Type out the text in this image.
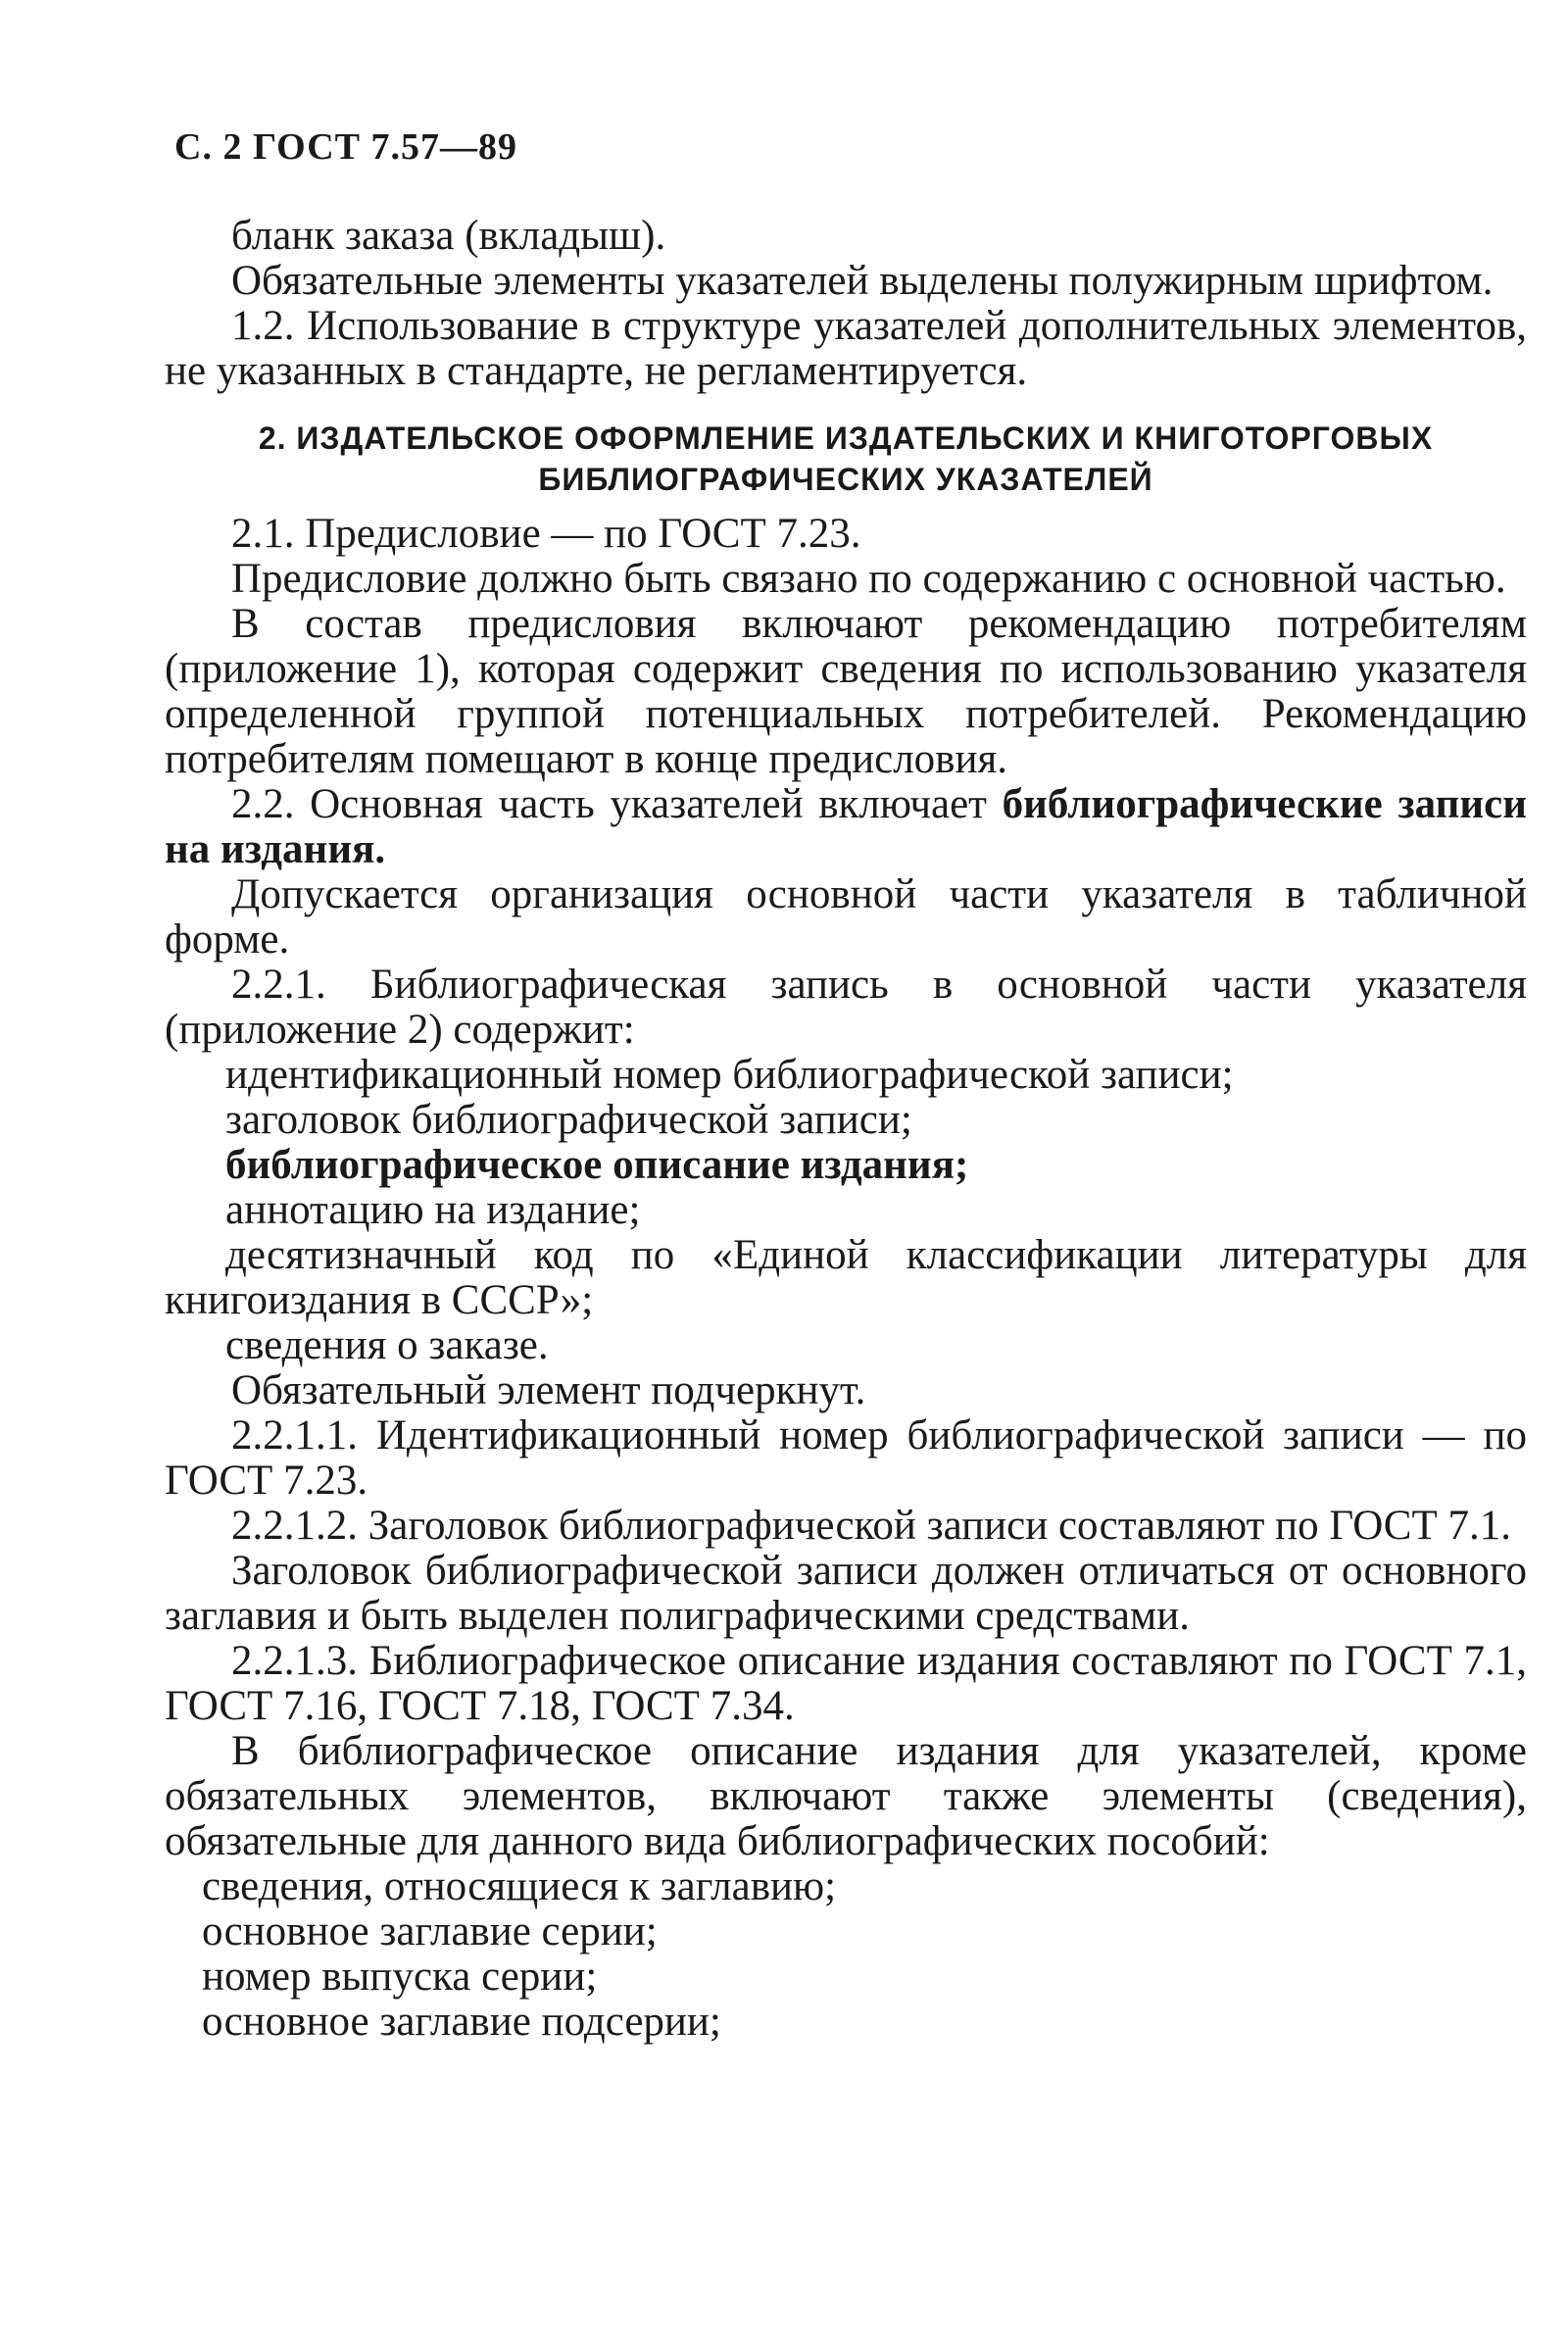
С. 2 ГОСТ 7.57—89

бланк заказа (вкладыш).

Обязательные элементы указателей выделены полужирным шрифтом.

1.2. Использование в структуре указателей дополнительных элементов, не указанных в стандарте, не регламентируется.

2. ИЗДАТЕЛЬСКОЕ ОФОРМЛЕНИЕ ИЗДАТЕЛЬСКИХ И КНИГОТОРГОВЫХ
БИБЛИОГРАФИЧЕСКИХ УКАЗАТЕЛЕЙ

2.1. Предисловие — по ГОСТ 7.23.

Предисловие должно быть связано по содержанию с основной частью.

В состав предисловия включают рекомендацию потребителям (приложение 1), которая содержит сведения по использованию указателя определенной группой потенциальных потребителей. Рекомендацию потребителям помещают в конце предисловия.

2.2. Основная часть указателей включает библиографические записи на издания.

Допускается организация основной части указателя в табличной форме.

2.2.1. Библиографическая запись в основной части указателя (приложение 2) содержит:

идентификационный номер библиографической записи;

заголовок библиографической записи;

библиографическое описание издания;

аннотацию на издание;

десятизначный код по «Единой классификации литературы для книгоиздания в СССР»;

сведения о заказе.

Обязательный элемент подчеркнут.

2.2.1.1. Идентификационный номер библиографической записи — по ГОСТ 7.23.

2.2.1.2. Заголовок библиографической записи составляют по ГОСТ 7.1.

Заголовок библиографической записи должен отличаться от основного заглавия и быть выделен полиграфическими средствами.

2.2.1.3. Библиографическое описание издания составляют по ГОСТ 7.1, ГОСТ 7.16, ГОСТ 7.18, ГОСТ 7.34.

В библиографическое описание издания для указателей, кроме обязательных элементов, включают также элементы (сведения), обязательные для данного вида библиографических пособий:

сведения, относящиеся к заглавию;

основное заглавие серии;

номер выпуска серии;

основное заглавие подсерии;
